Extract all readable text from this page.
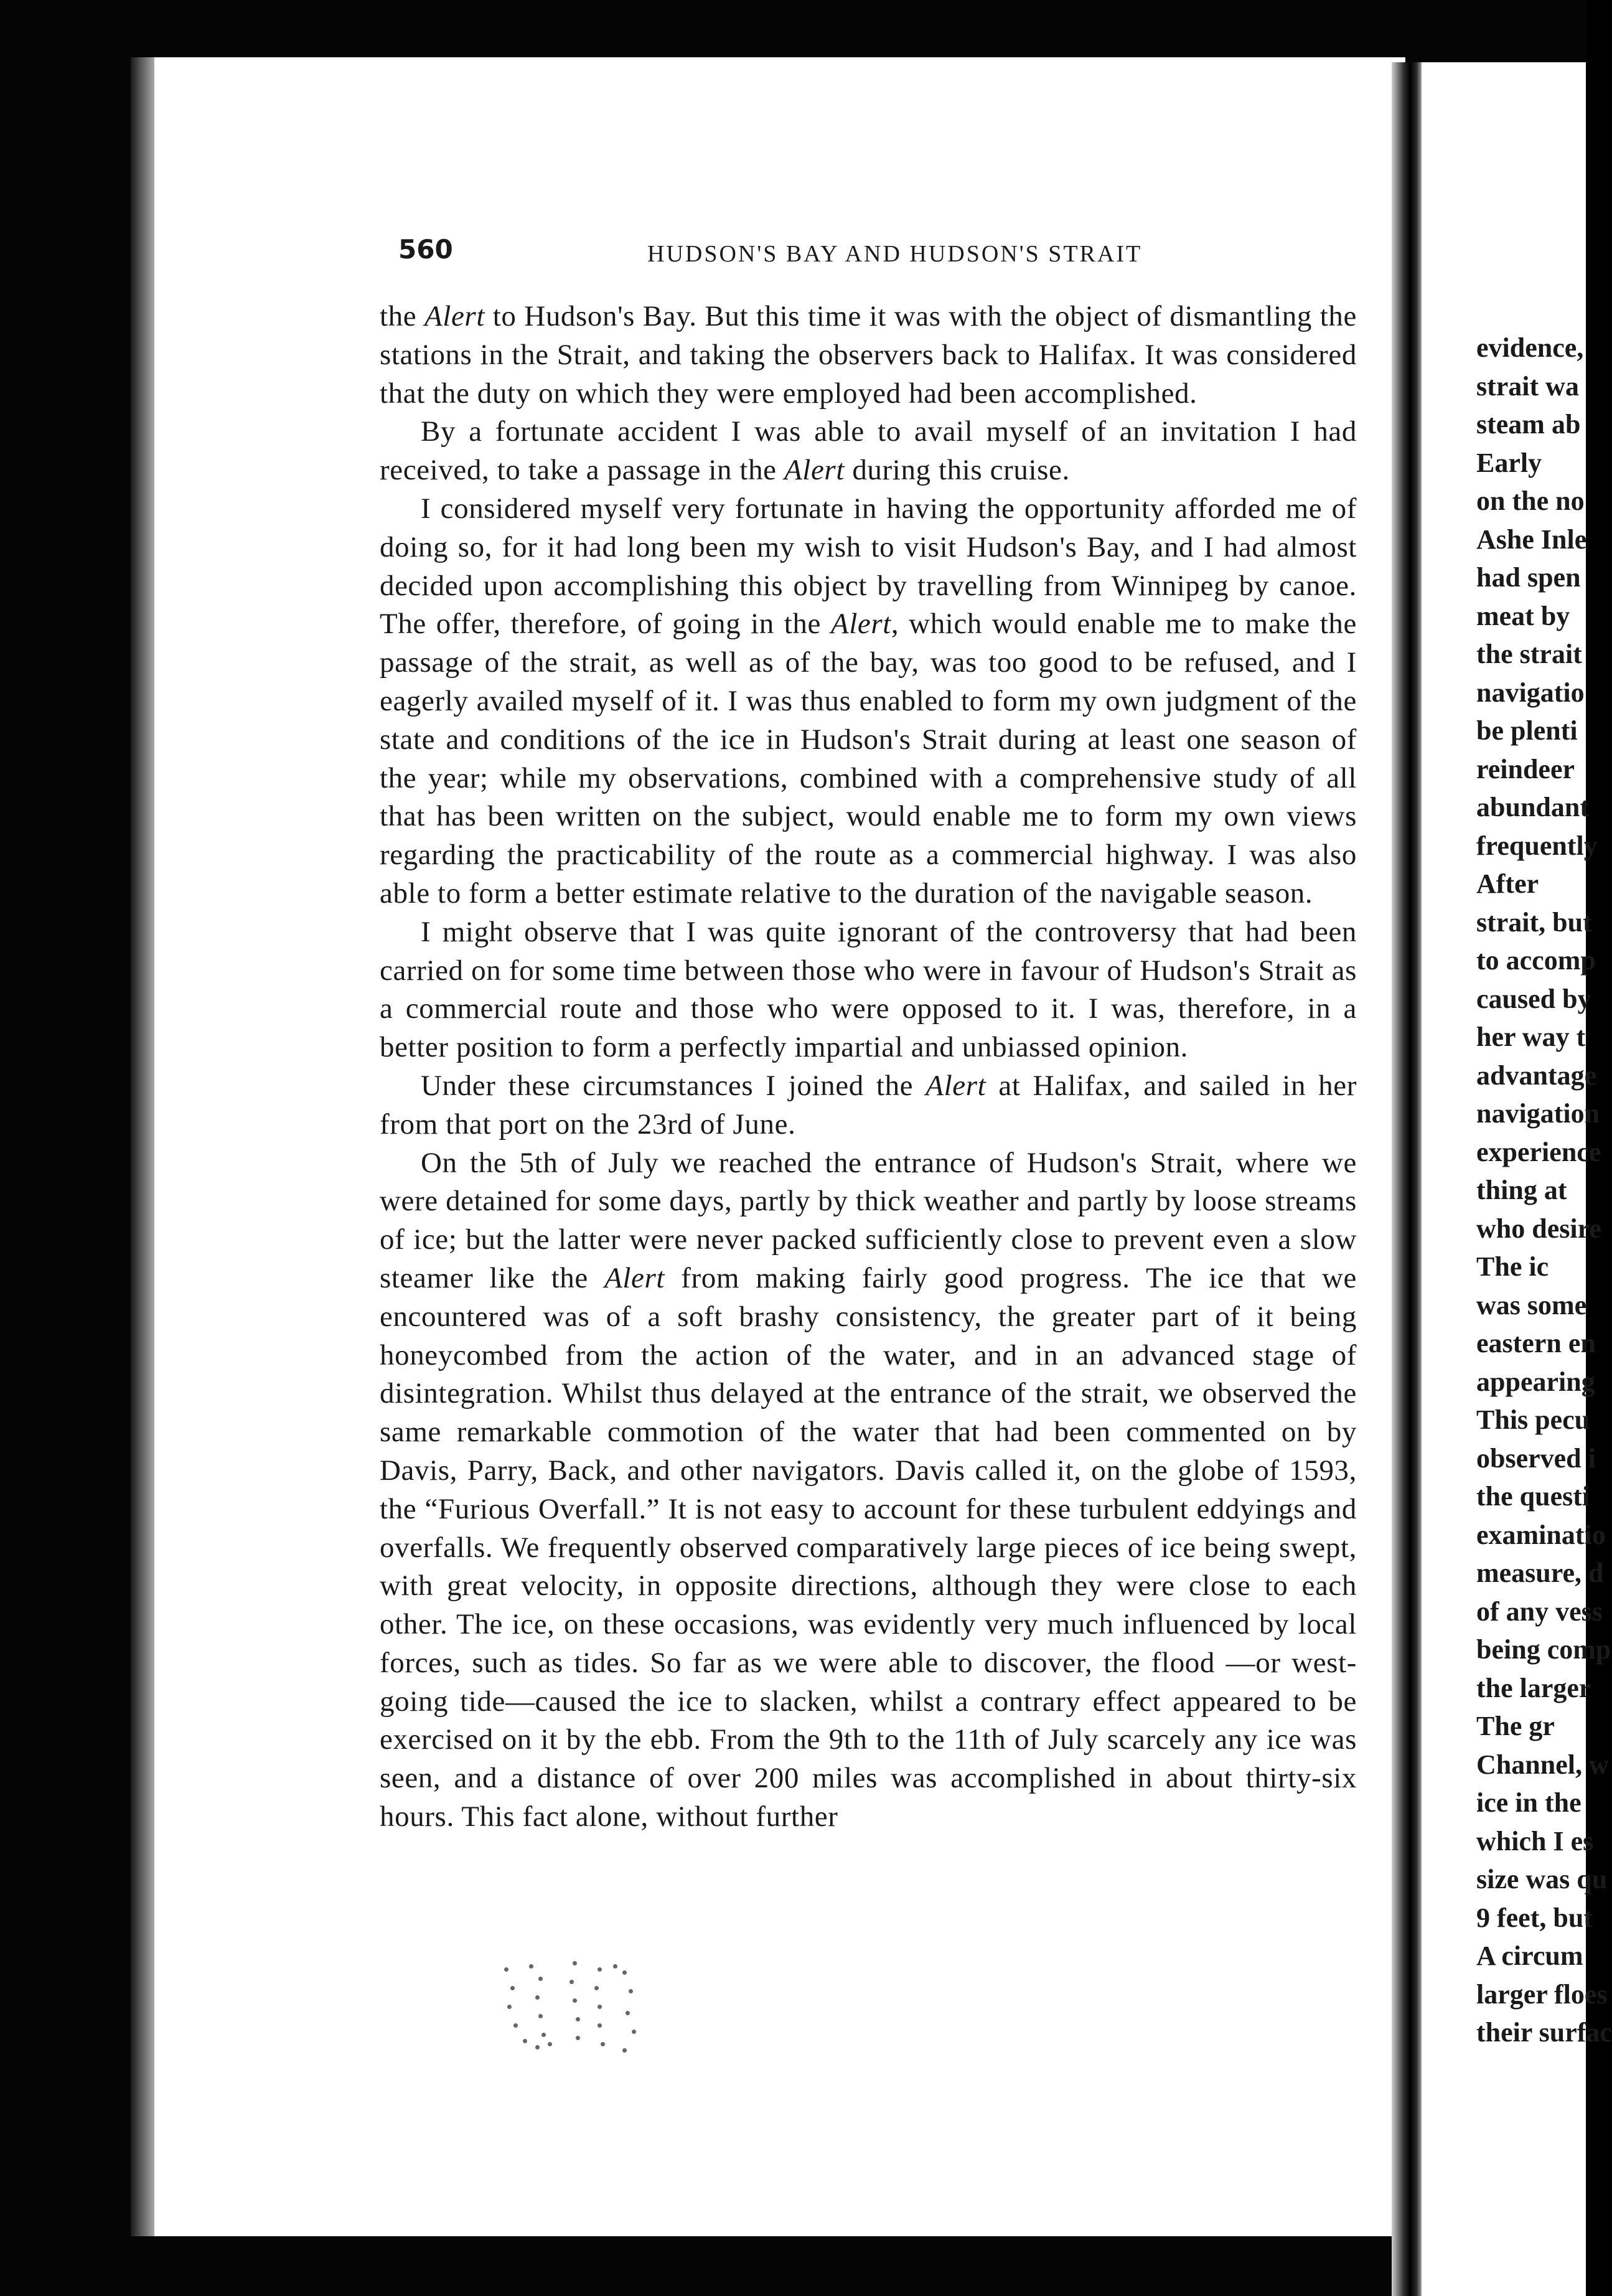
560	HUDSON'S BAY AND HUDSON'S STRAIT

the Alert to Hudson's Bay. But this time it was with the object of dismantling the stations in the Strait, and taking the observers back to Halifax. It was considered that the duty on which they were employed had been accomplished.

By a fortunate accident I was able to avail myself of an invitation I had received, to take a passage in the Alert during this cruise.

I considered myself very fortunate in having the opportunity afforded me of doing so, for it had long been my wish to visit Hudson's Bay, and I had almost decided upon accomplishing this object by travelling from Winnipeg by canoe. The offer, therefore, of going in the Alert, which would enable me to make the passage of the strait, as well as of the bay, was too good to be refused, and I eagerly availed myself of it. I was thus enabled to form my own judgment of the state and conditions of the ice in Hudson's Strait during at least one season of the year; while my observations, combined with a comprehensive study of all that has been written on the subject, would enable me to form my own views regarding the practicability of the route as a commercial highway. I was also able to form a better estimate relative to the duration of the navigable season.

I might observe that I was quite ignorant of the controversy that had been carried on for some time between those who were in favour of Hudson's Strait as a commercial route and those who were opposed to it. I was, therefore, in a better position to form a perfectly impartial and unbiassed opinion.

Under these circumstances I joined the Alert at Halifax, and sailed in her from that port on the 23rd of June.

On the 5th of July we reached the entrance of Hudson's Strait, where we were detained for some days, partly by thick weather and partly by loose streams of ice; but the latter were never packed sufficiently close to prevent even a slow steamer like the Alert from making fairly good progress. The ice that we encountered was of a soft brashy consistency, the greater part of it being honeycombed from the action of the water, and in an advanced stage of disintegration. Whilst thus delayed at the entrance of the strait, we observed the same remarkable commotion of the water that had been commented on by Davis, Parry, Back, and other navigators. Davis called it, on the globe of 1593, the “Furious Overfall.” It is not easy to account for these turbulent eddyings and overfalls. We frequently observed comparatively large pieces of ice being swept, with great velocity, in opposite directions, although they were close to each other. The ice, on these occasions, was evidently very much influenced by local forces, such as tides. So far as we were able to discover, the flood —or west-going tide—caused the ice to slacken, whilst a contrary effect appeared to be exercised on it by the ebb. From the 9th to the 11th of July scarcely any ice was seen, and a distance of over 200 miles was accomplished in about thirty-six hours. This fact alone, without further

evidence,
strait wa
steam ab
Early
on the no
Ashe Inle
had spen
meat by
the strait
navigatio
be plenti
reindeer
abundant
frequently
After
strait, but
to accomp
caused by
her way t
advantage
navigation
experience
thing at
who desire
The ic
was some
eastern en
appearing
This pecu
observed i
the questi
examinatio
measure, d
of any vess
being comp
the larger
The gr
Channel, w
ice in the
which I es
size was qu
9 feet, but
A circum
larger floes
their surfac
